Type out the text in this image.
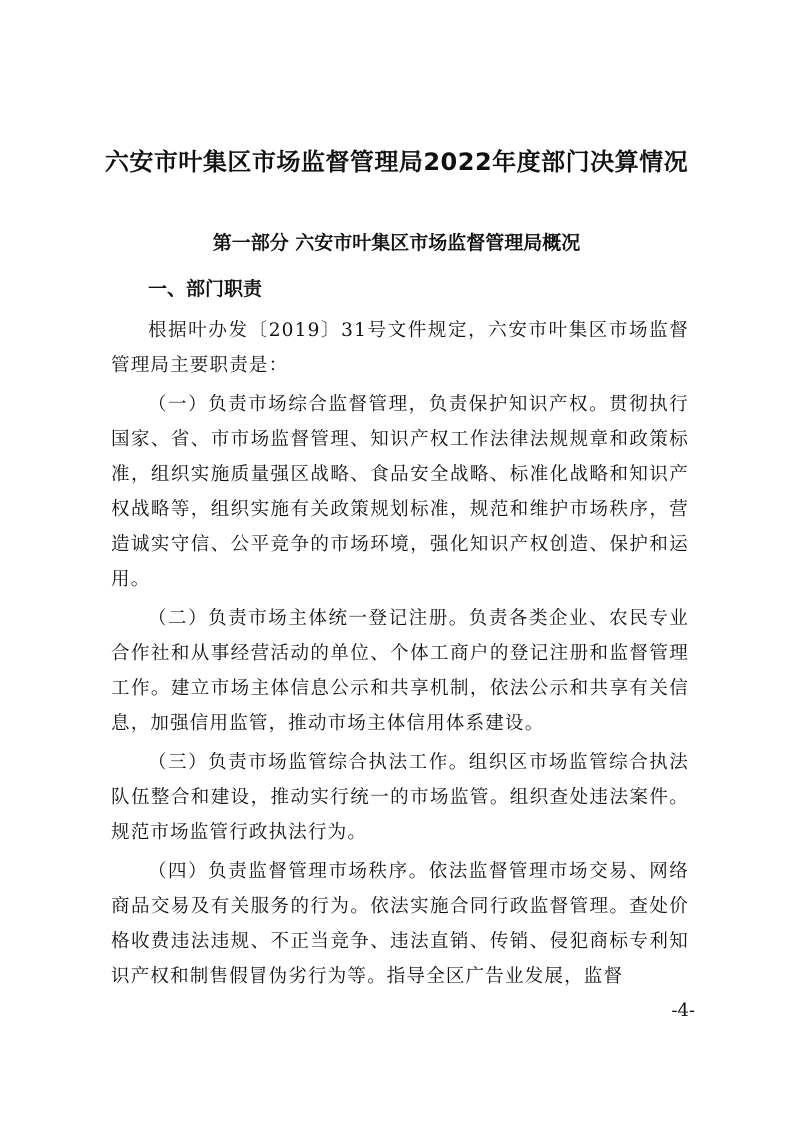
六安市叶集区市场监督管理局2022年度部门决算情况
第一部分 六安市叶集区市场监督管理局概况
一、部门职责

根据叶办发〔2019〕31号文件规定，六安市叶集区市场监督管理局主要职责是：

（一）负责市场综合监督管理，负责保护知识产权。贯彻执行国家、省、市市场监督管理、知识产权工作法律法规规章和政策标准，组织实施质量强区战略、食品安全战略、标准化战略和知识产权战略等，组织实施有关政策规划标准，规范和维护市场秩序，营造诚实守信、公平竞争的市场环境，强化知识产权创造、保护和运用。

（二）负责市场主体统一登记注册。负责各类企业、农民专业合作社和从事经营活动的单位、个体工商户的登记注册和监督管理工作。建立市场主体信息公示和共享机制，依法公示和共享有关信息，加强信用监管，推动市场主体信用体系建设。

（三）负责市场监管综合执法工作。组织区市场监管综合执法队伍整合和建设，推动实行统一的市场监管。组织查处违法案件。规范市场监管行政执法行为。

（四）负责监督管理市场秩序。依法监督管理市场交易、网络商品交易及有关服务的行为。依法实施合同行政监督管理。查处价格收费违法违规、不正当竞争、违法直销、传销、侵犯商标专利知识产权和制售假冒伪劣行为等。指导全区广告业发展，监督

-4-
